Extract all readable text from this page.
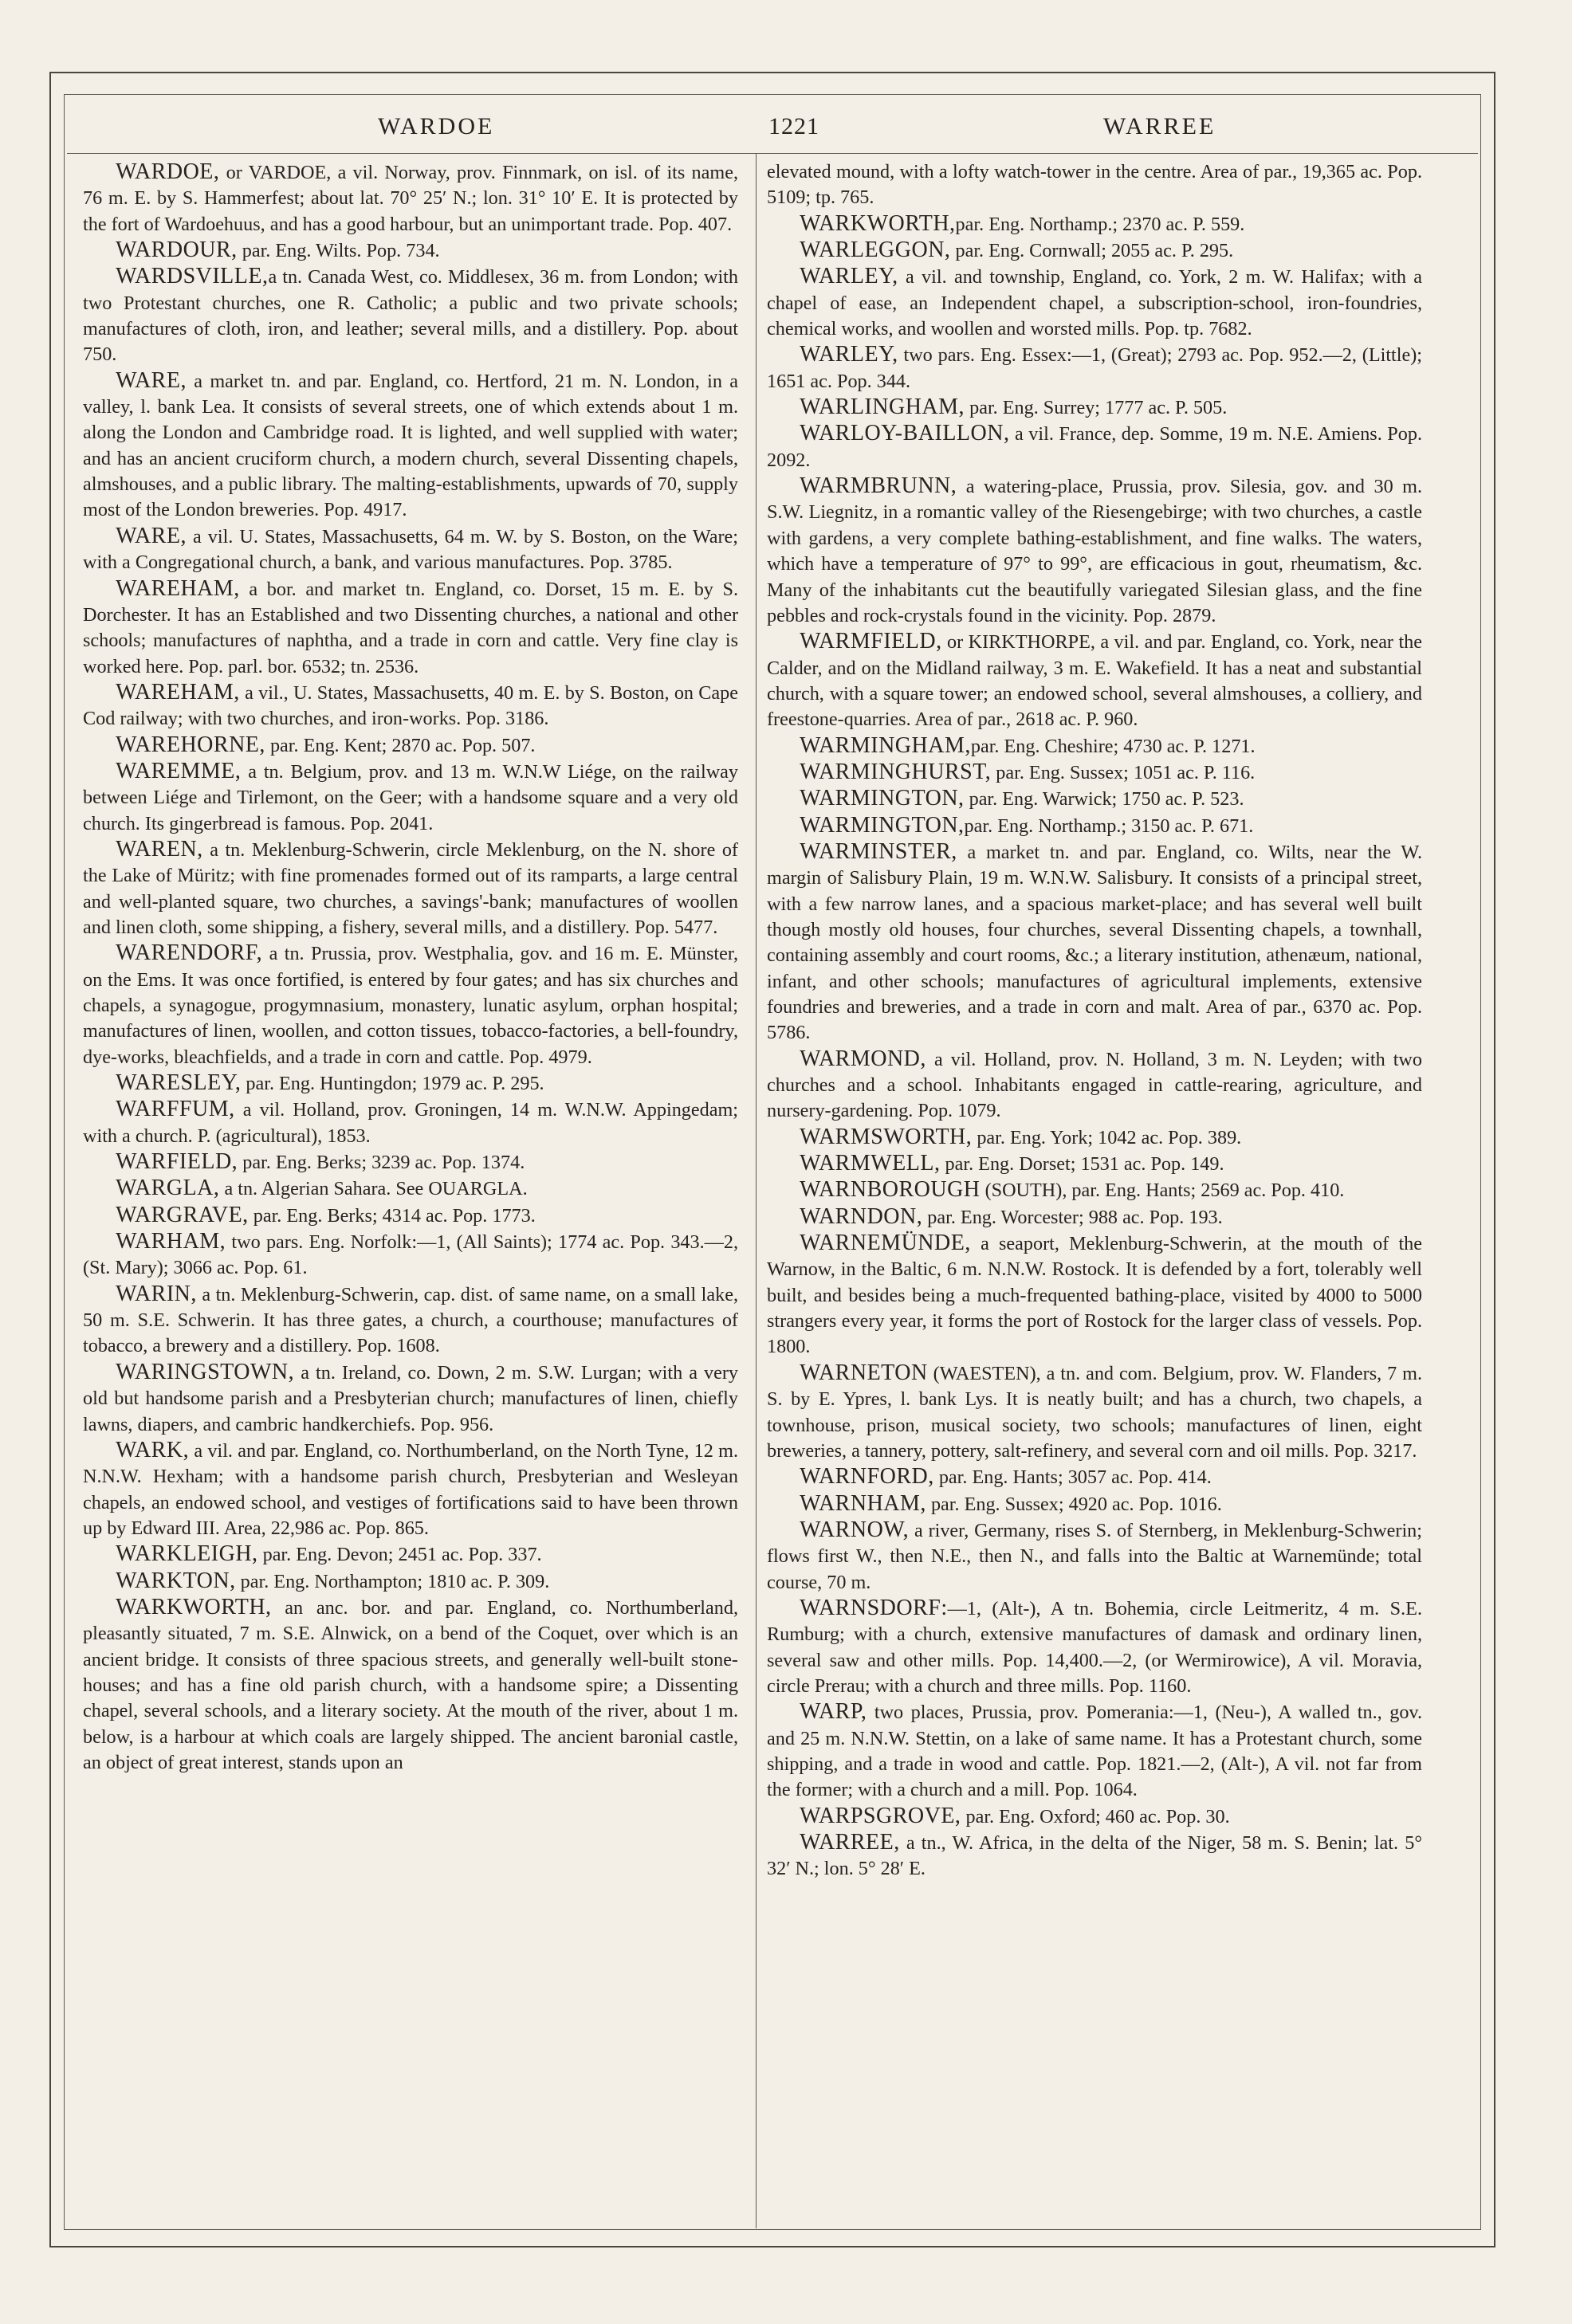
WARDOE	1221	WARREE

WARDOE, or VARDOE, a vil. Norway, prov. Finnmark, on isl. of its name, 76 m. E. by S. Hammerfest; about lat. 70° 25′ N.; lon. 31° 10′ E. It is protected by the fort of Wardoehuus, and has a good harbour, but an unimportant trade. Pop. 407.

WARDOUR, par. Eng. Wilts. Pop. 734.

WARDSVILLE,a tn. Canada West, co. Middlesex, 36 m. from London; with two Protestant churches, one R. Catholic; a public and two private schools; manufactures of cloth, iron, and leather; several mills, and a distillery. Pop. about 750.

WARE, a market tn. and par. England, co. Hertford, 21 m. N. London, in a valley, l. bank Lea. It consists of several streets, one of which extends about 1 m. along the London and Cambridge road. It is lighted, and well supplied with water; and has an ancient cruciform church, a modern church, several Dissenting chapels, almshouses, and a public library. The malting-establishments, upwards of 70, supply most of the London breweries. Pop. 4917.

WARE, a vil. U. States, Massachusetts, 64 m. W. by S. Boston, on the Ware; with a Congregational church, a bank, and various manufactures. Pop. 3785.

WAREHAM, a bor. and market tn. England, co. Dorset, 15 m. E. by S. Dorchester. It has an Established and two Dissenting churches, a national and other schools; manufactures of naphtha, and a trade in corn and cattle. Very fine clay is worked here. Pop. parl. bor. 6532; tn. 2536.

WAREHAM, a vil., U. States, Massachusetts, 40 m. E. by S. Boston, on Cape Cod railway; with two churches, and iron-works. Pop. 3186.

WAREHORNE, par. Eng. Kent; 2870 ac. Pop. 507.

WAREMME, a tn. Belgium, prov. and 13 m. W.N.W Liége, on the railway between Liége and Tirlemont, on the Geer; with a handsome square and a very old church. Its gingerbread is famous. Pop. 2041.

WAREN, a tn. Meklenburg-Schwerin, circle Meklenburg, on the N. shore of the Lake of Müritz; with fine promenades formed out of its ramparts, a large central and well-planted square, two churches, a savings'-bank; manufactures of woollen and linen cloth, some shipping, a fishery, several mills, and a distillery. Pop. 5477.

WARENDORF, a tn. Prussia, prov. Westphalia, gov. and 16 m. E. Münster, on the Ems. It was once fortified, is entered by four gates; and has six churches and chapels, a synagogue, progymnasium, monastery, lunatic asylum, orphan hospital; manufactures of linen, woollen, and cotton tissues, tobacco-factories, a bell-foundry, dye-works, bleachfields, and a trade in corn and cattle. Pop. 4979.

WARESLEY, par. Eng. Huntingdon; 1979 ac. P. 295.

WARFFUM, a vil. Holland, prov. Groningen, 14 m. W.N.W. Appingedam; with a church. P. (agricultural), 1853.

WARFIELD, par. Eng. Berks; 3239 ac. Pop. 1374.

WARGLA, a tn. Algerian Sahara. See OUARGLA.

WARGRAVE, par. Eng. Berks; 4314 ac. Pop. 1773.

WARHAM, two pars. Eng. Norfolk:—1, (All Saints); 1774 ac. Pop. 343.—2, (St. Mary); 3066 ac. Pop. 61.

WARIN, a tn. Meklenburg-Schwerin, cap. dist. of same name, on a small lake, 50 m. S.E. Schwerin. It has three gates, a church, a courthouse; manufactures of tobacco, a brewery and a distillery. Pop. 1608.

WARINGSTOWN, a tn. Ireland, co. Down, 2 m. S.W. Lurgan; with a very old but handsome parish and a Presbyterian church; manufactures of linen, chiefly lawns, diapers, and cambric handkerchiefs. Pop. 956.

WARK, a vil. and par. England, co. Northumberland, on the North Tyne, 12 m. N.N.W. Hexham; with a handsome parish church, Presbyterian and Wesleyan chapels, an endowed school, and vestiges of fortifications said to have been thrown up by Edward III. Area, 22,986 ac. Pop. 865.

WARKLEIGH, par. Eng. Devon; 2451 ac. Pop. 337.

WARKTON, par. Eng. Northampton; 1810 ac. P. 309.

WARKWORTH, an anc. bor. and par. England, co. Northumberland, pleasantly situated, 7 m. S.E. Alnwick, on a bend of the Coquet, over which is an ancient bridge. It consists of three spacious streets, and generally well-built stone-houses; and has a fine old parish church, with a handsome spire; a Dissenting chapel, several schools, and a literary society. At the mouth of the river, about 1 m. below, is a harbour at which coals are largely shipped. The ancient baronial castle, an object of great interest, stands upon an

elevated mound, with a lofty watch-tower in the centre. Area of par., 19,365 ac. Pop. 5109; tp. 765.

WARKWORTH,par. Eng. Northamp.; 2370 ac. P. 559.

WARLEGGON, par. Eng. Cornwall; 2055 ac. P. 295.

WARLEY, a vil. and township, England, co. York, 2 m. W. Halifax; with a chapel of ease, an Independent chapel, a subscription-school, iron-foundries, chemical works, and woollen and worsted mills. Pop. tp. 7682.

WARLEY, two pars. Eng. Essex:—1, (Great); 2793 ac. Pop. 952.—2, (Little); 1651 ac. Pop. 344.

WARLINGHAM, par. Eng. Surrey; 1777 ac. P. 505.

WARLOY-BAILLON, a vil. France, dep. Somme, 19 m. N.E. Amiens. Pop. 2092.

WARMBRUNN, a watering-place, Prussia, prov. Silesia, gov. and 30 m. S.W. Liegnitz, in a romantic valley of the Riesengebirge; with two churches, a castle with gardens, a very complete bathing-establishment, and fine walks. The waters, which have a temperature of 97° to 99°, are efficacious in gout, rheumatism, &c. Many of the inhabitants cut the beautifully variegated Silesian glass, and the fine pebbles and rock-crystals found in the vicinity. Pop. 2879.

WARMFIELD, or KIRKTHORPE, a vil. and par. England, co. York, near the Calder, and on the Midland railway, 3 m. E. Wakefield. It has a neat and substantial church, with a square tower; an endowed school, several almshouses, a colliery, and freestone-quarries. Area of par., 2618 ac. P. 960.

WARMINGHAM,par. Eng. Cheshire; 4730 ac. P. 1271.

WARMINGHURST, par. Eng. Sussex; 1051 ac. P. 116.

WARMINGTON, par. Eng. Warwick; 1750 ac. P. 523.

WARMINGTON,par. Eng. Northamp.; 3150 ac. P. 671.

WARMINSTER, a market tn. and par. England, co. Wilts, near the W. margin of Salisbury Plain, 19 m. W.N.W. Salisbury. It consists of a principal street, with a few narrow lanes, and a spacious market-place; and has several well built though mostly old houses, four churches, several Dissenting chapels, a townhall, containing assembly and court rooms, &c.; a literary institution, athenæum, national, infant, and other schools; manufactures of agricultural implements, extensive foundries and breweries, and a trade in corn and malt. Area of par., 6370 ac. Pop. 5786.

WARMOND, a vil. Holland, prov. N. Holland, 3 m. N. Leyden; with two churches and a school. Inhabitants engaged in cattle-rearing, agriculture, and nursery-gardening. Pop. 1079.

WARMSWORTH, par. Eng. York; 1042 ac. Pop. 389.

WARMWELL, par. Eng. Dorset; 1531 ac. Pop. 149.

WARNBOROUGH (SOUTH), par. Eng. Hants; 2569 ac. Pop. 410.

WARNDON, par. Eng. Worcester; 988 ac. Pop. 193.

WARNEMÜNDE, a seaport, Meklenburg-Schwerin, at the mouth of the Warnow, in the Baltic, 6 m. N.N.W. Rostock. It is defended by a fort, tolerably well built, and besides being a much-frequented bathing-place, visited by 4000 to 5000 strangers every year, it forms the port of Rostock for the larger class of vessels. Pop. 1800.

WARNETON (WAESTEN), a tn. and com. Belgium, prov. W. Flanders, 7 m. S. by E. Ypres, l. bank Lys. It is neatly built; and has a church, two chapels, a townhouse, prison, musical society, two schools; manufactures of linen, eight breweries, a tannery, pottery, salt-refinery, and several corn and oil mills. Pop. 3217.

WARNFORD, par. Eng. Hants; 3057 ac. Pop. 414.

WARNHAM, par. Eng. Sussex; 4920 ac. Pop. 1016.

WARNOW, a river, Germany, rises S. of Sternberg, in Meklenburg-Schwerin; flows first W., then N.E., then N., and falls into the Baltic at Warnemünde; total course, 70 m.

WARNSDORF:—1, (Alt-), A tn. Bohemia, circle Leitmeritz, 4 m. S.E. Rumburg; with a church, extensive manufactures of damask and ordinary linen, several saw and other mills. Pop. 14,400.—2, (or Wermirowice), A vil. Moravia, circle Prerau; with a church and three mills. Pop. 1160.

WARP, two places, Prussia, prov. Pomerania:—1, (Neu-), A walled tn., gov. and 25 m. N.N.W. Stettin, on a lake of same name. It has a Protestant church, some shipping, and a trade in wood and cattle. Pop. 1821.—2, (Alt-), A vil. not far from the former; with a church and a mill. Pop. 1064.

WARPSGROVE, par. Eng. Oxford; 460 ac. Pop. 30.

WARREE, a tn., W. Africa, in the delta of the Niger, 58 m. S. Benin; lat. 5° 32′ N.; lon. 5° 28′ E.
